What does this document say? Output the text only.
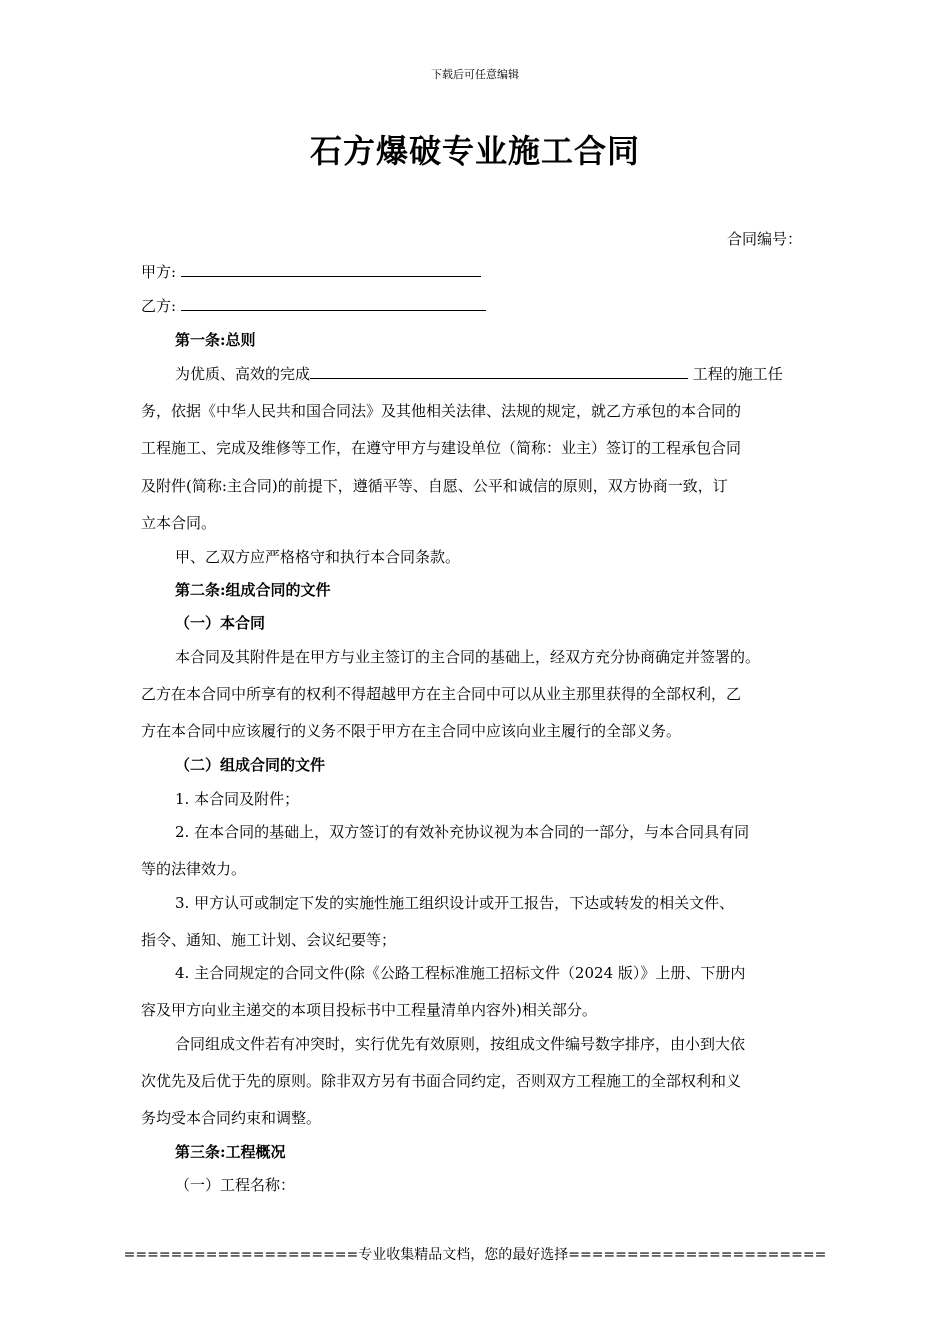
下载后可任意编辑
石方爆破专业施工合同
合同编号：
甲方:
乙方:
第一条:总则
为优质、高效的完成	工程的施工任
务，依据《中华人民共和国合同法》及其他相关法律、法规的规定，就乙方承包的本合同的
工程施工、完成及维修等工作，在遵守甲方与建设单位（简称：业主）签订的工程承包合同
及附件(简称:主合同)的前提下，遵循平等、自愿、公平和诚信的原则，双方协商一致，订
立本合同。
甲、乙双方应严格格守和执行本合同条款。
第二条:组成合同的文件
（一）本合同
本合同及其附件是在甲方与业主签订的主合同的基础上，经双方充分协商确定并签署的。
乙方在本合同中所享有的权利不得超越甲方在主合同中可以从业主那里获得的全部权利，乙
方在本合同中应该履行的义务不限于甲方在主合同中应该向业主履行的全部义务。
（二）组成合同的文件
1. 本合同及附件；
2. 在本合同的基础上，双方签订的有效补充协议视为本合同的一部分，与本合同具有同
等的法律效力。
3. 甲方认可或制定下发的实施性施工组织设计或开工报告，下达或转发的相关文件、
指令、通知、施工计划、会议纪要等；
4. 主合同规定的合同文件(除《公路工程标准施工招标文件（2024 版）》上册、下册内
容及甲方向业主递交的本项目投标书中工程量清单内容外)相关部分。
合同组成文件若有冲突时，实行优先有效原则，按组成文件编号数字排序，由小到大依
次优先及后优于先的原则。除非双方另有书面合同约定，否则双方工程施工的全部权利和义
务均受本合同约束和调整。
第三条:工程概况
（一）工程名称：
====================专业收集精品文档，您的最好选择======================
